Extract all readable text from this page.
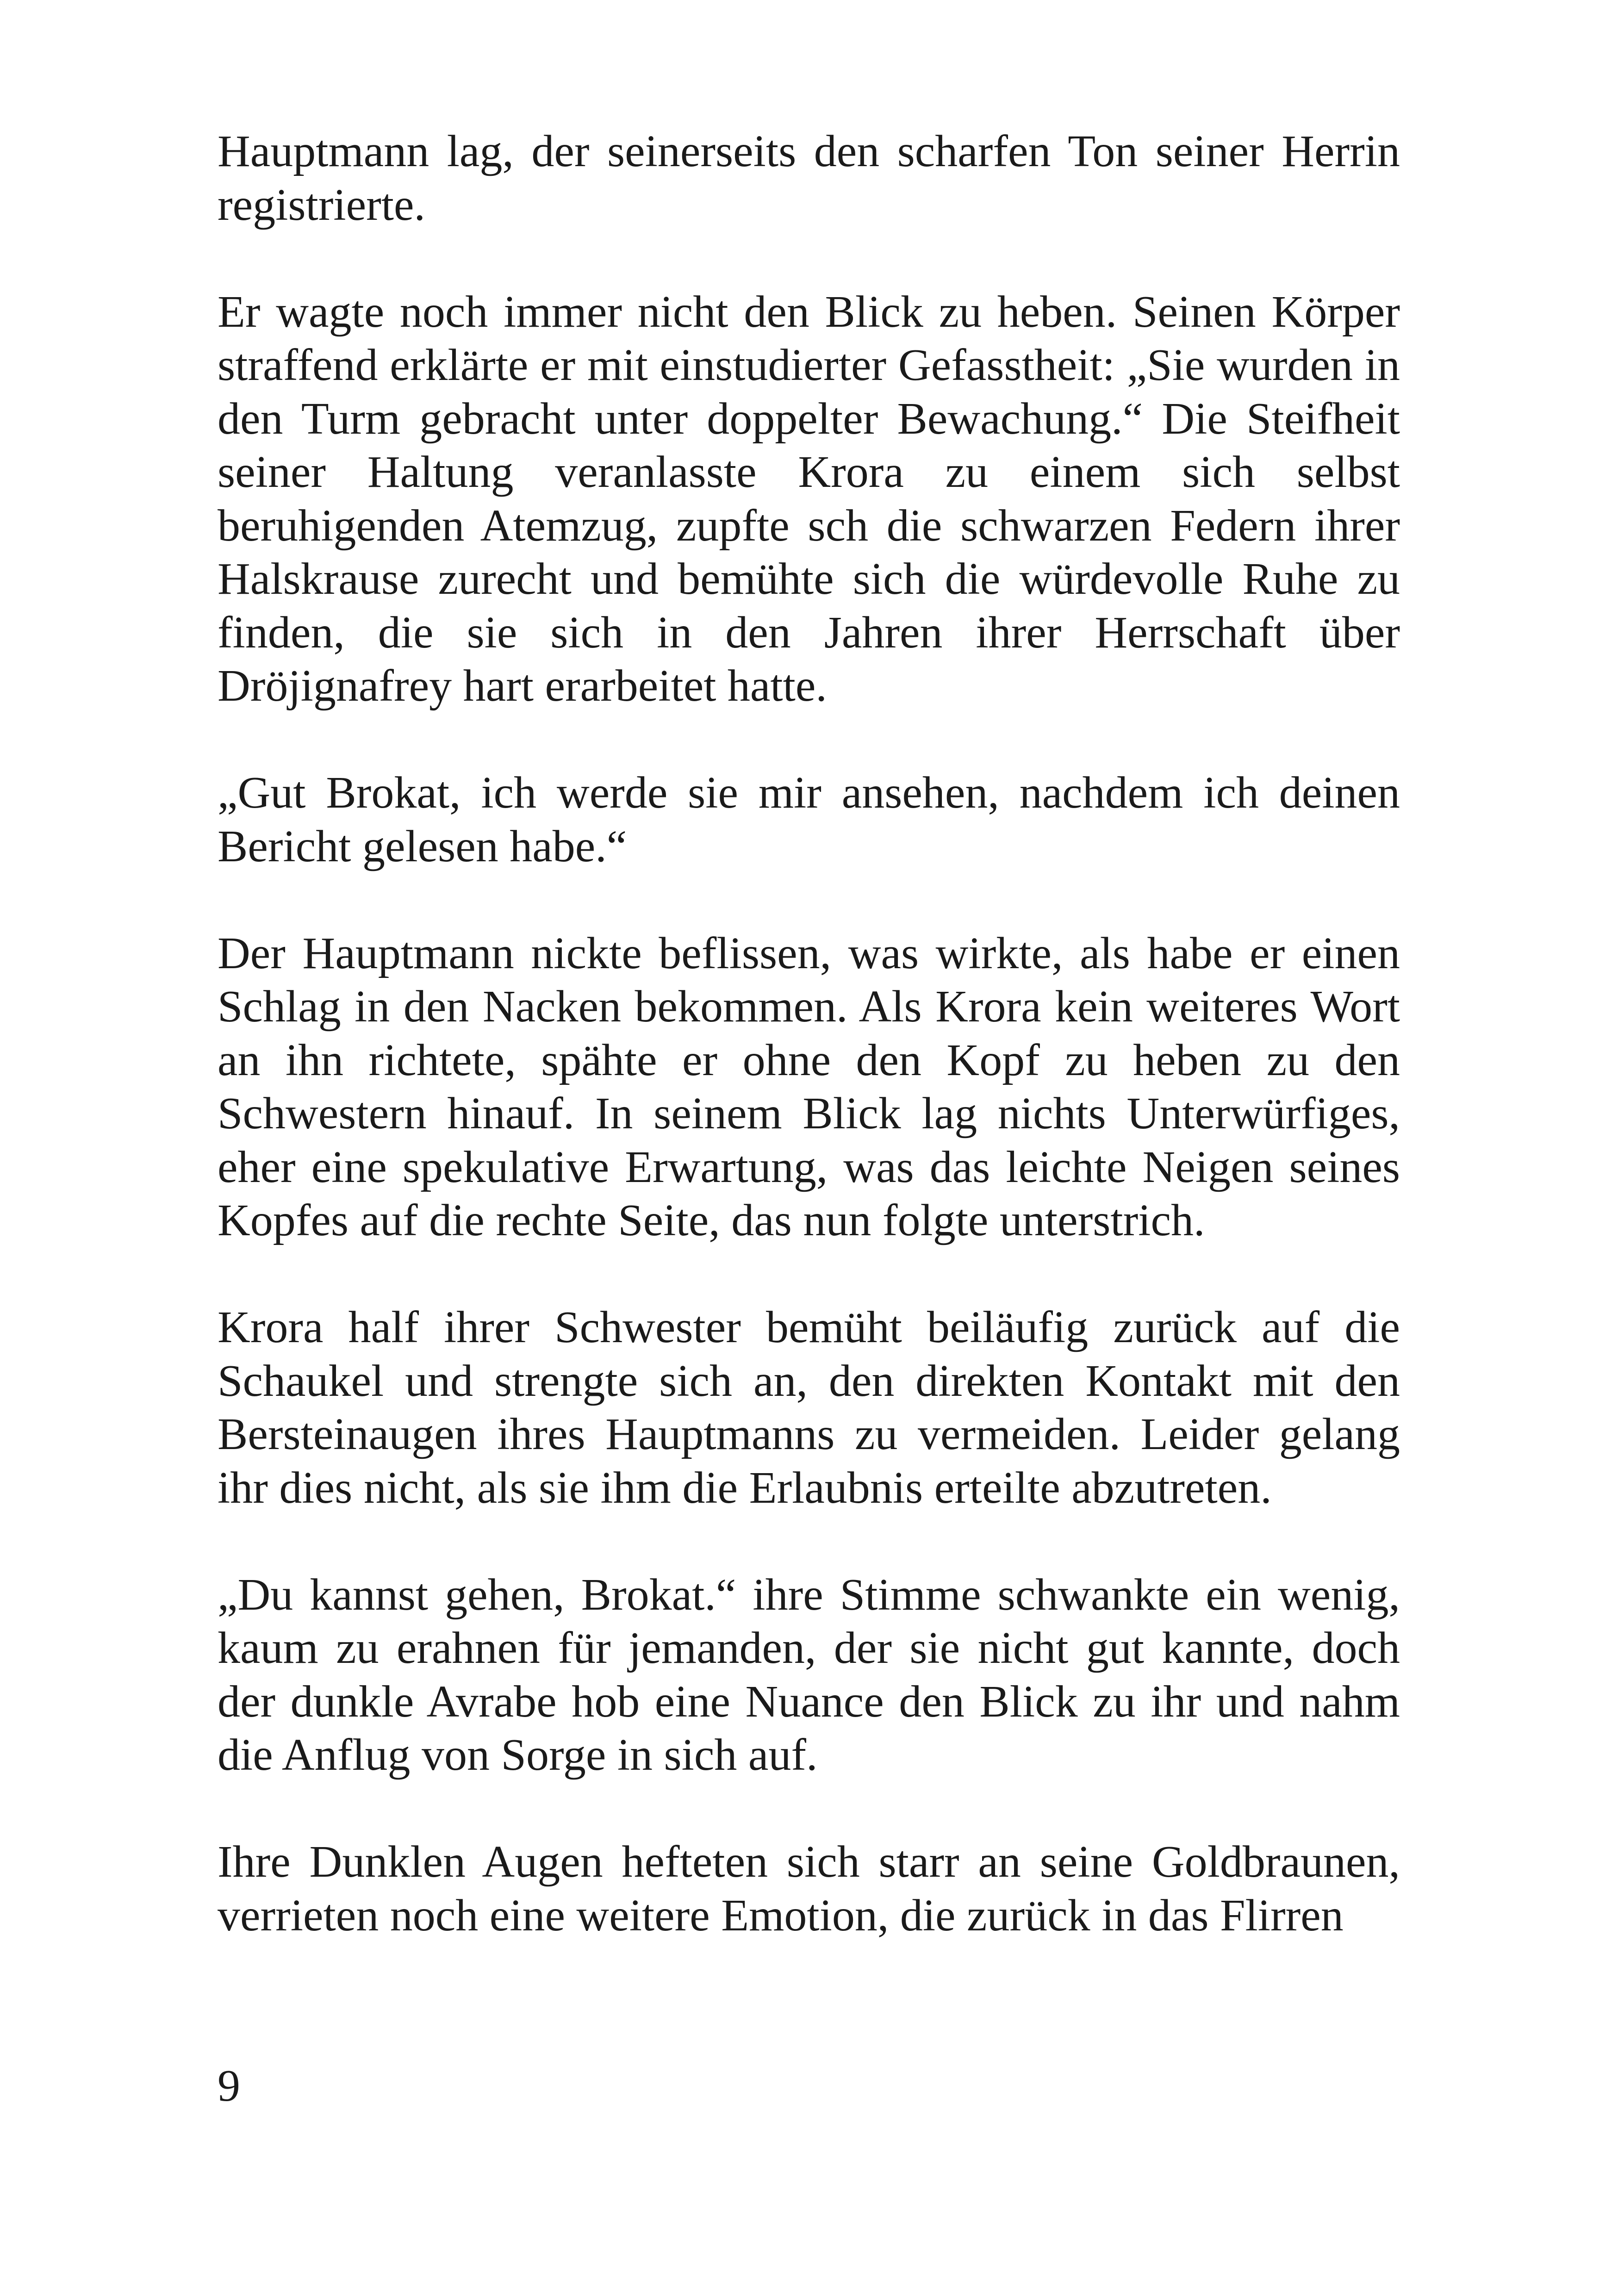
Hauptmann lag, der seinerseits den scharfen Ton seiner Herrin registrierte.

Er wagte noch immer nicht den Blick zu heben. Seinen Körper straffend erklärte er mit einstudierter Gefasstheit: „Sie wurden in den Turm gebracht unter doppelter Bewachung.“ Die Steifheit seiner Haltung veranlasste Krora zu einem sich selbst beruhigenden Atemzug, zupfte sch die schwarzen Federn ihrer Halskrause zurecht und bemühte sich die würdevolle Ruhe zu finden, die sie sich in den Jahren ihrer Herrschaft über Dröjignafrey hart erarbeitet hatte.

„Gut Brokat, ich werde sie mir ansehen, nachdem ich deinen Bericht gelesen habe.“

Der Hauptmann nickte beflissen, was wirkte, als habe er einen Schlag in den Nacken bekommen. Als Krora kein weiteres Wort an ihn richtete, spähte er ohne den Kopf zu heben zu den Schwestern hinauf. In seinem Blick lag nichts Unterwürfiges, eher eine spekulative Erwartung, was das leichte Neigen seines Kopfes auf die rechte Seite, das nun folgte unterstrich.

Krora half ihrer Schwester bemüht beiläufig zurück auf die Schaukel und strengte sich an, den direkten Kontakt mit den Bersteinaugen ihres Hauptmanns zu vermeiden. Leider gelang ihr dies nicht, als sie ihm die Erlaubnis erteilte abzutreten.

„Du kannst gehen, Brokat.“ ihre Stimme schwankte ein wenig, kaum zu erahnen für jemanden, der sie nicht gut kannte, doch der dunkle Avrabe hob eine Nuance den Blick zu ihr und nahm die Anflug von Sorge in sich auf.

Ihre Dunklen Augen hefteten sich starr an seine Goldbraunen, verrieten noch eine weitere Emotion, die zurück in das Flirren

9
